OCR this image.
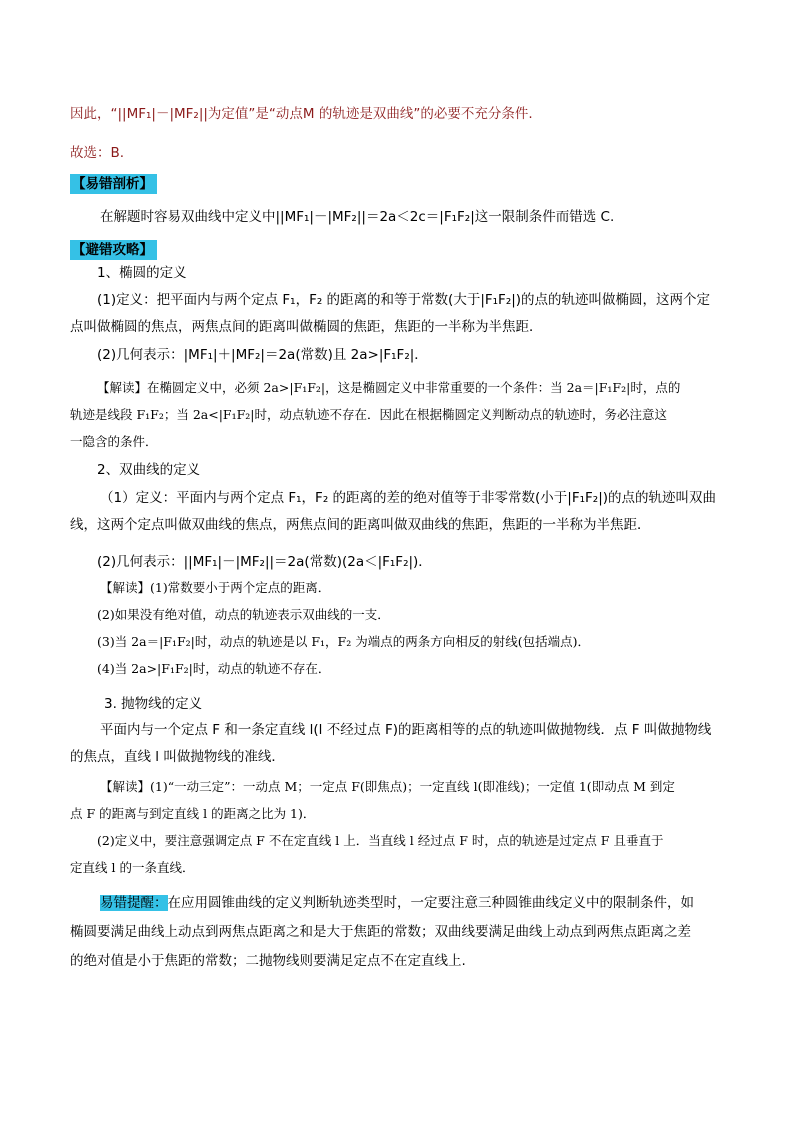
因此，“||MF₁|－|MF₂||为定值”是“动点M 的轨迹是双曲线”的必要不充分条件.
故选：B.
【易错剖析】
在解题时容易双曲线中定义中||MF₁|－|MF₂||＝2a＜2c＝|F₁F₂|这一限制条件而错选 C.
【避错攻略】
1、椭圆的定义
(1)定义：把平面内与两个定点 F₁，F₂ 的距离的和等于常数(大于|F₁F₂|)的点的轨迹叫做椭圆，这两个定
点叫做椭圆的焦点，两焦点间的距离叫做椭圆的焦距，焦距的一半称为半焦距．
(2)几何表示：|MF₁|＋|MF₂|＝2a(常数)且 2a>|F₁F₂|．
【解读】在椭圆定义中，必须 2a>|F₁F₂|，这是椭圆定义中非常重要的一个条件：当 2a＝|F₁F₂|时，点的
轨迹是线段 F₁F₂；当 2a<|F₁F₂|时，动点轨迹不存在．因此在根据椭圆定义判断动点的轨迹时，务必注意这
一隐含的条件．
2、双曲线的定义
（1）定义：平面内与两个定点 F₁，F₂ 的距离的差的绝对值等于非零常数(小于|F₁F₂|)的点的轨迹叫双曲
线，这两个定点叫做双曲线的焦点，两焦点间的距离叫做双曲线的焦距，焦距的一半称为半焦距．
(2)几何表示：||MF₁|－|MF₂||＝2a(常数)(2a＜|F₁F₂|)．
【解读】(1)常数要小于两个定点的距离．
(2)如果没有绝对值，动点的轨迹表示双曲线的一支．
(3)当 2a＝|F₁F₂|时，动点的轨迹是以 F₁，F₂ 为端点的两条方向相反的射线(包括端点)．
(4)当 2a>|F₁F₂|时，动点的轨迹不存在．
3. 抛物线的定义
平面内与一个定点 F 和一条定直线 l(l 不经过点 F)的距离相等的点的轨迹叫做抛物线．点 F 叫做抛物线
的焦点，直线 l 叫做抛物线的准线．
【解读】(1)“一动三定”：一动点 M；一定点 F(即焦点)；一定直线 l(即准线)；一定值 1(即动点 M 到定
点 F 的距离与到定直线 l 的距离之比为 1)．
(2)定义中，要注意强调定点 F 不在定直线 l 上．当直线 l 经过点 F 时，点的轨迹是过定点 F 且垂直于
定直线 l 的一条直线．
易错提醒：在应用圆锥曲线的定义判断轨迹类型时，一定要注意三种圆锥曲线定义中的限制条件，如
椭圆要满足曲线上动点到两焦点距离之和是大于焦距的常数；双曲线要满足曲线上动点到两焦点距离之差
的绝对值是小于焦距的常数；二抛物线则要满足定点不在定直线上.
